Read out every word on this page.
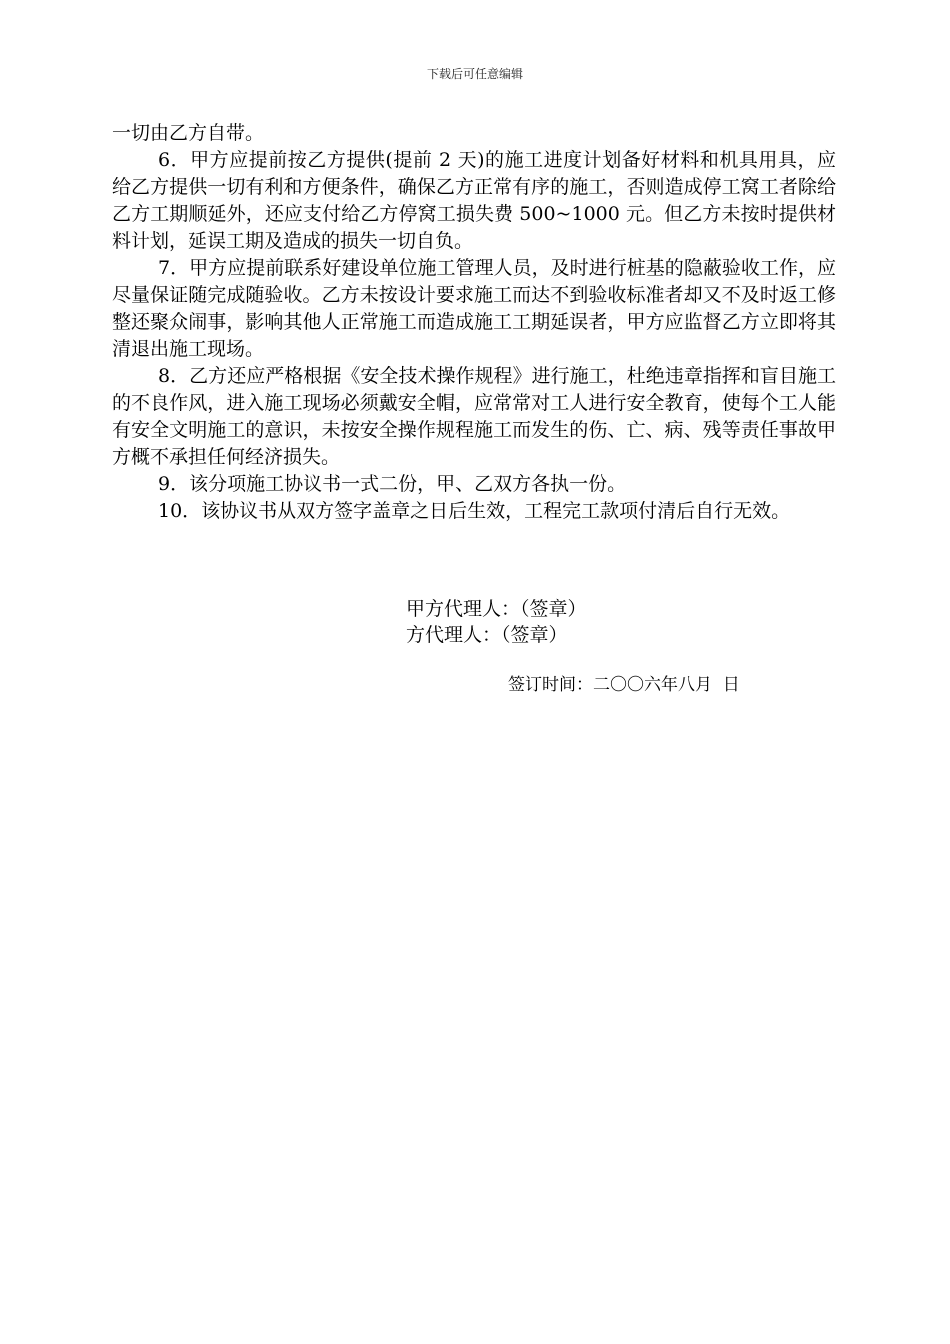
下载后可任意编辑

一切由乙方自带。

6．甲方应提前按乙方提供(提前 2 天)的施工进度计划备好材料和机具用具，应给乙方提供一切有利和方便条件，确保乙方正常有序的施工，否则造成停工窝工者除给乙方工期顺延外，还应支付给乙方停窝工损失费 500~1000 元。但乙方未按时提供材料计划，延误工期及造成的损失一切自负。

7．甲方应提前联系好建设单位施工管理人员，及时进行桩基的隐蔽验收工作，应尽量保证随完成随验收。乙方未按设计要求施工而达不到验收标准者却又不及时返工修整还聚众闹事，影响其他人正常施工而造成施工工期延误者，甲方应监督乙方立即将其清退出施工现场。

8．乙方还应严格根据《安全技术操作规程》进行施工，杜绝违章指挥和盲目施工的不良作风，进入施工现场必须戴安全帽，应常常对工人进行安全教育，使每个工人能有安全文明施工的意识，未按安全操作规程施工而发生的伤、亡、病、残等责任事故甲方概不承担任何经济损失。

9．该分项施工协议书一式二份，甲、乙双方各执一份。

10．该协议书从双方签字盖章之日后生效，工程完工款项付清后自行无效。

甲方代理人：（签章）
方代理人：（签章）
签订时间：二〇〇六年八月  日
